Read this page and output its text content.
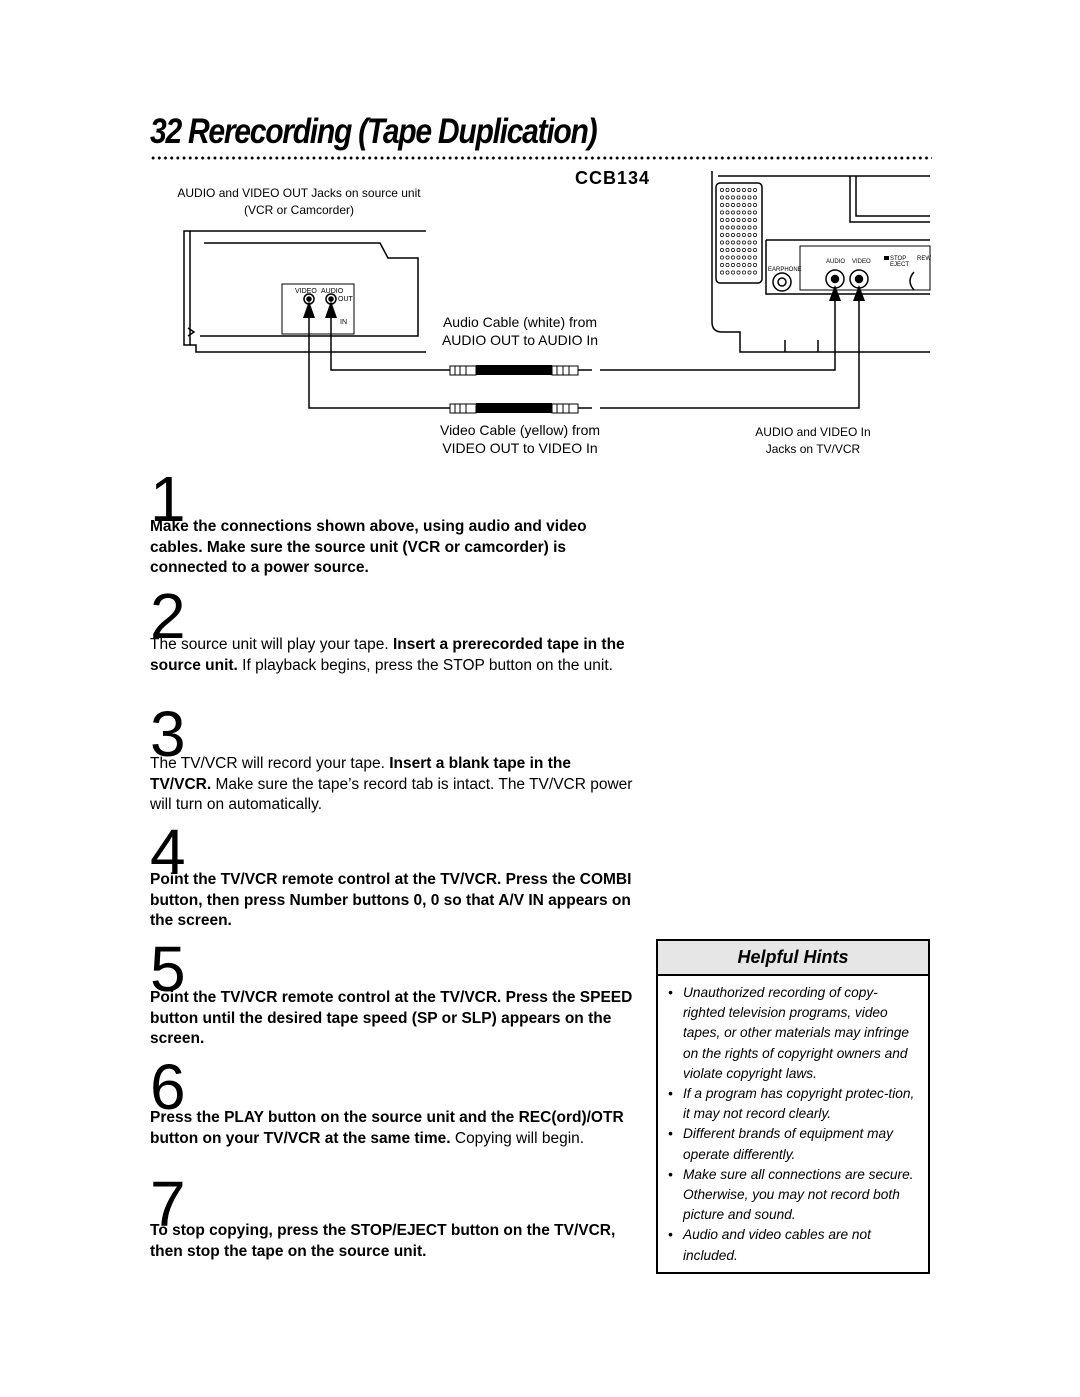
32 Rerecording (Tape Duplication)
CCB134
VIDEO AUDIO
OUT
IN
EARPHONE
AUDIO VIDEO	STOP
EJECT
REW
AUDIO and VIDEO OUT Jacks on source unit
(VCR or Camcorder)
Audio Cable (white) from
AUDIO OUT to AUDIO In
Video Cable (yellow) from
VIDEO OUT to VIDEO In
AUDIO and VIDEO In
Jacks on TV/VCR
1
Make the connections shown above, using audio and video cables. Make sure the source unit (VCR or camcorder) is connected to a power source.
2
The source unit will play your tape. Insert a prerecorded tape in the source unit. If playback begins, press the STOP button on the unit.
3
The TV/VCR will record your tape. Insert a blank tape in the TV/VCR. Make sure the tape’s record tab is intact. The TV/VCR power will turn on automatically.
4
Point the TV/VCR remote control at the TV/VCR. Press the COMBI button, then press Number buttons 0, 0 so that A/V IN appears on the screen.
5
Point the TV/VCR remote control at the TV/VCR. Press the SPEED button until the desired tape speed (SP or SLP) appears on the screen.
6
Press the PLAY button on the source unit and the REC(ord)/OTR button on your TV/VCR at the same time. Copying will begin.
7
To stop copying, press the STOP/EJECT button on the TV/VCR, then stop the tape on the source unit.
Helpful Hints
• Unauthorized recording of copy-righted television programs, video tapes, or other materials may infringe on the rights of copyright owners and violate copyright laws.
• If a program has copyright protec-tion, it may not record clearly.
• Different brands of equipment may operate differently.
• Make sure all connections are secure. Otherwise, you may not record both picture and sound.
• Audio and video cables are not included.
